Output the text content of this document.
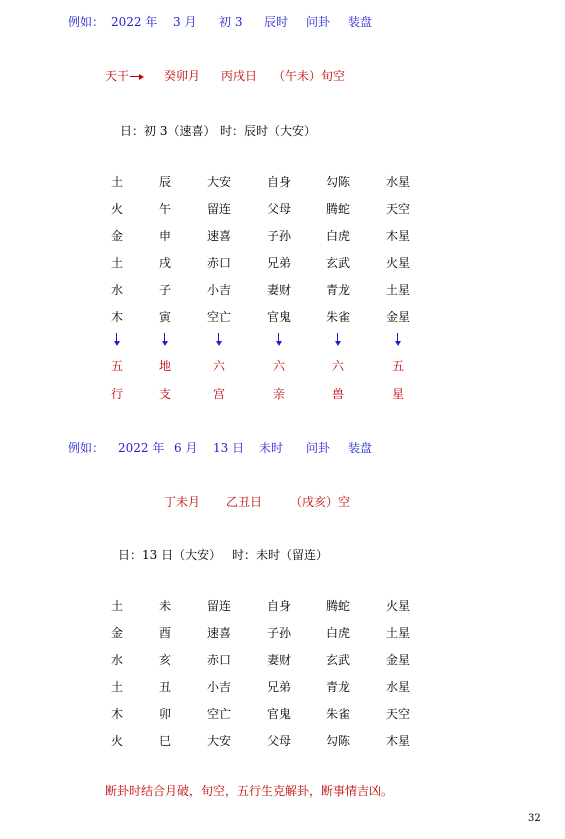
例如： 2022 年 3 月 初 3 辰时 问卦 装盘
天干	癸卯月 丙戌日 （午未）旬空
日：初 3（速喜） 时：辰时（大安）
土	辰	大安	自身	勾陈	水星
火	午	留连	父母	腾蛇	天空
金	申	速喜	子孙	白虎	木星
土	戌	赤口	兄弟	玄武	火星
水	子	小吉	妻财	青龙	土星
木	寅	空亡	官鬼	朱雀	金星
五	地	六	六	六	五
行	支	宫	亲	兽	星
例如： 2022 年 6 月 13 日 未时 问卦 装盘
丁未月 乙丑日 （戌亥）空
日：13 日（大安） 时：未时（留连）
土	未	留连	自身	腾蛇	火星
金	酉	速喜	子孙	白虎	土星
水	亥	赤口	妻财	玄武	金星
土	丑	小吉	兄弟	青龙	水星
木	卯	空亡	官鬼	朱雀	天空
火	巳	大安	父母	勾陈	木星
断卦时结合月破，旬空，五行生克解卦，断事情吉凶。
32
